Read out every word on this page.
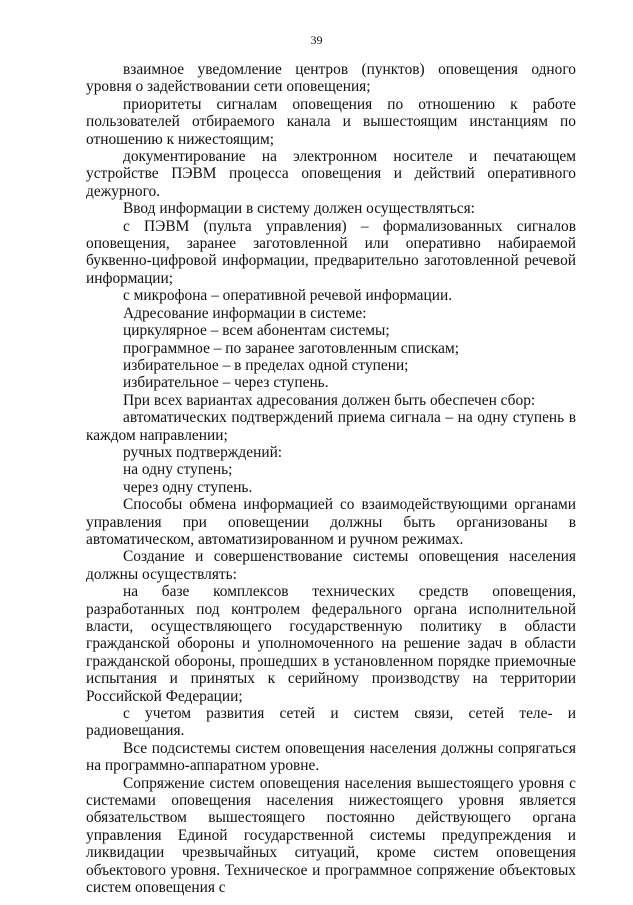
39

взаимное уведомление центров (пунктов) оповещения одного уровня о задействовании сети оповещения;

приоритеты сигналам оповещения по отношению к работе пользователей отбираемого канала и вышестоящим инстанциям по отношению к нижестоящим;

документирование на электронном носителе и печатающем устройстве ПЭВМ процесса оповещения и действий оперативного дежурного.

Ввод информации в систему должен осуществляться:

с ПЭВМ (пульта управления) – формализованных сигналов оповещения, заранее заготовленной или оперативно набираемой буквенно-цифровой информации, предварительно заготовленной речевой информации;

с микрофона – оперативной речевой информации.

Адресование информации в системе:

циркулярное – всем абонентам системы;

программное – по заранее заготовленным спискам;

избирательное – в пределах одной ступени;

избирательное – через ступень.

При всех вариантах адресования должен быть обеспечен сбор:

автоматических подтверждений приема сигнала – на одну ступень в каждом направлении;

ручных подтверждений:

на одну ступень;

через одну ступень.

Способы обмена информацией со взаимодействующими органами управления при оповещении должны быть организованы в автоматическом, автоматизированном и ручном режимах.

Создание и совершенствование системы оповещения населения должны осуществлять:

на базе комплексов технических средств оповещения, разработанных под контролем федерального органа исполнительной власти, осуществляющего государственную политику в области гражданской обороны и уполномоченного на решение задач в области гражданской обороны, прошедших в установленном порядке приемочные испытания и принятых к серийному производству на территории Российской Федерации;

с учетом развития сетей и систем связи, сетей теле- и радиовещания.

Все подсистемы систем оповещения населения должны сопрягаться на программно-аппаратном уровне.

Сопряжение систем оповещения населения вышестоящего уровня с системами оповещения населения нижестоящего уровня является обязательством вышестоящего постоянно действующего органа управления Единой государственной системы предупреждения и ликвидации чрезвычайных ситуаций, кроме систем оповещения объектового уровня. Техническое и программное сопряжение объектовых систем оповещения с
